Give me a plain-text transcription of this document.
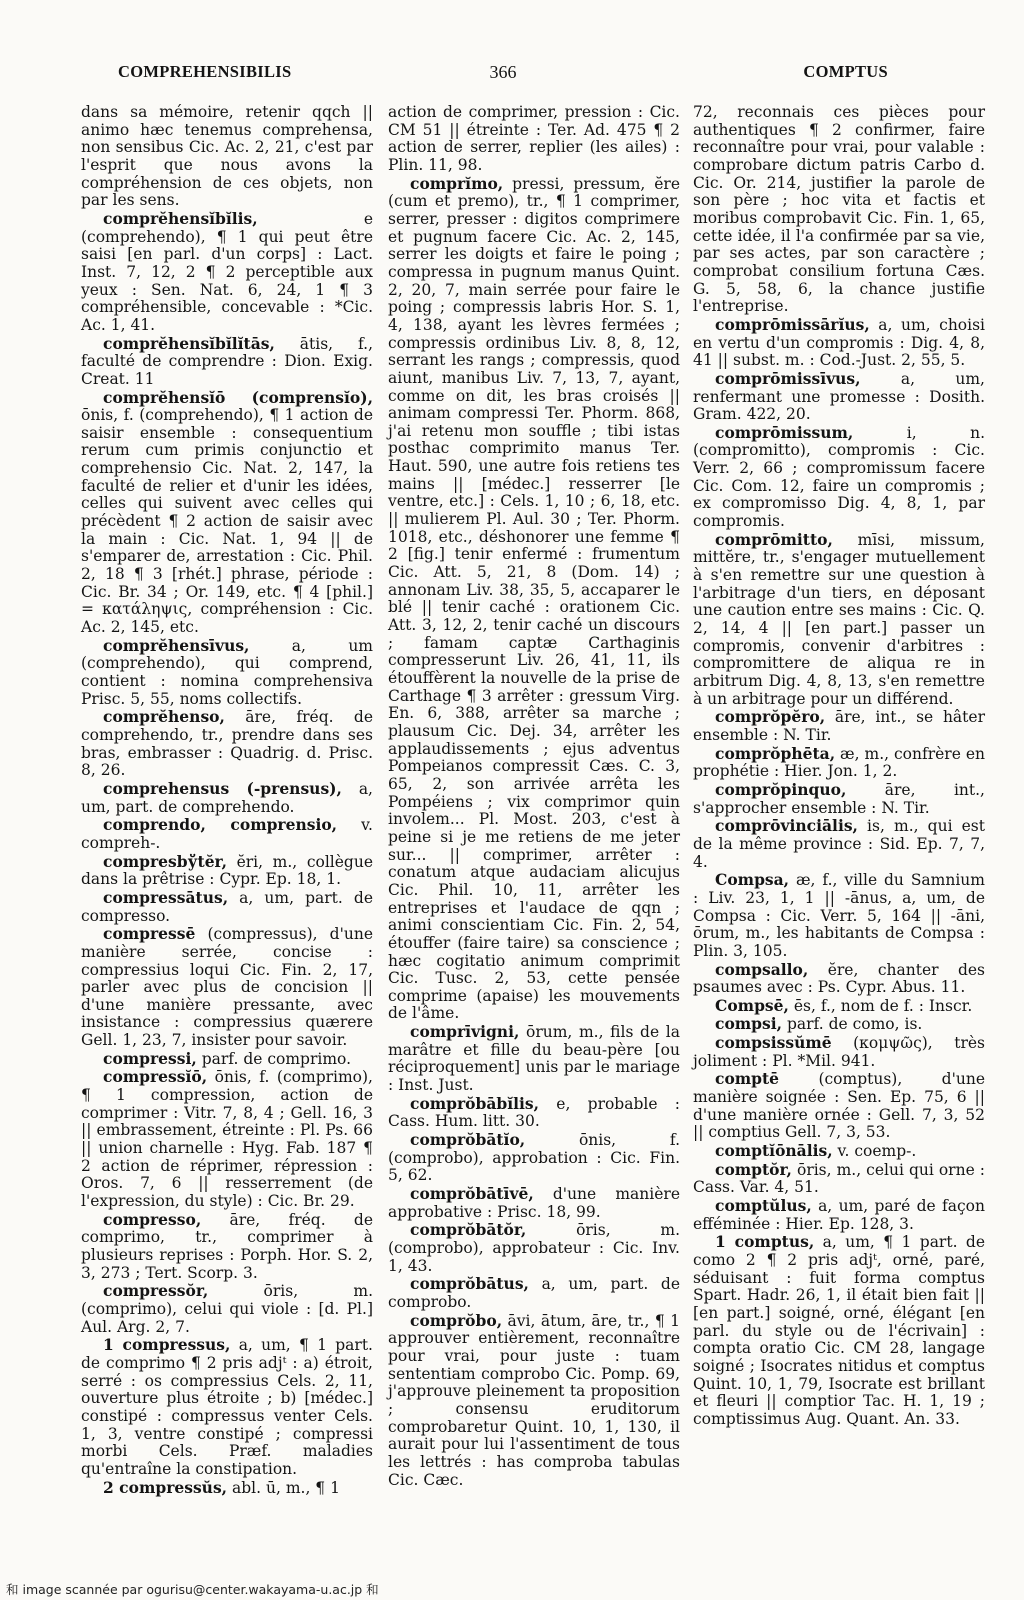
COMPREHENSIBILIS	366	COMPTUS

dans sa mémoire, retenir qqch || animo hæc tenemus comprehensa, non sensibus Cic. Ac. 2, 21, c'est par l'esprit que nous avons la compréhension de ces objets, non par les sens.

comprĕhensĭbĭlis, e (comprehendo), ¶ 1 qui peut être saisi [en parl. d'un corps] : Lact. Inst. 7, 12, 2 ¶ 2 perceptible aux yeux : Sen. Nat. 6, 24, 1 ¶ 3 compréhensible, concevable : *Cic. Ac. 1, 41.

comprĕhensĭbĭlĭtās, ātis, f., faculté de comprendre : Dion. Exig. Creat. 11

comprĕhensĭō (comprensĭo), ōnis, f. (comprehendo), ¶ 1 action de saisir ensemble : consequentium rerum cum primis conjunctio et comprehensio Cic. Nat. 2, 147, la faculté de relier et d'unir les idées, celles qui suivent avec celles qui précèdent ¶ 2 action de saisir avec la main : Cic. Nat. 1, 94 || de s'emparer de, arrestation : Cic. Phil. 2, 18 ¶ 3 [rhét.] phrase, période : Cic. Br. 34 ; Or. 149, etc. ¶ 4 [phil.] = κατάληψις, compréhension : Cic. Ac. 2, 145, etc.

comprĕhensīvus, a, um (comprehendo), qui comprend, contient : nomina comprehensiva Prisc. 5, 55, noms collectifs.

comprĕhenso, āre, fréq. de comprehendo, tr., prendre dans ses bras, embrasser : Quadrig. d. Prisc. 8, 26.

comprehensus (-prensus), a, um, part. de comprehendo.

comprendo, comprensio, v. compreh-.

compresbўtĕr, ĕri, m., collègue dans la prêtrise : Cypr. Ep. 18, 1.

compressātus, a, um, part. de compresso.

compressē (compressus), d'une manière serrée, concise : compressius loqui Cic. Fin. 2, 17, parler avec plus de concision || d'une manière pressante, avec insistance : compressius quærere Gell. 1, 23, 7, insister pour savoir.

compressi, parf. de comprimo.

compressĭō, ōnis, f. (comprimo), ¶ 1 compression, action de comprimer : Vitr. 7, 8, 4 ; Gell. 16, 3 || embrassement, étreinte : Pl. Ps. 66 || union charnelle : Hyg. Fab. 187 ¶ 2 action de réprimer, répression : Oros. 7, 6 || resserrement (de l'expression, du style) : Cic. Br. 29.

compresso, āre, fréq. de comprimo, tr., comprimer à plusieurs reprises : Porph. Hor. S. 2, 3, 273 ; Tert. Scorp. 3.

compressŏr, ōris, m. (comprimo), celui qui viole : [d. Pl.] Aul. Arg. 2, 7.

1 compressus, a, um, ¶ 1 part. de comprimo ¶ 2 pris adjᵗ : a) étroit, serré : os compressius Cels. 2, 11, ouverture plus étroite ; b) [médec.] constipé : compressus venter Cels. 1, 3, ventre constipé ; compressi morbi Cels. Præf. maladies qu'entraîne la constipation.

2 compressŭs, abl. ū, m., ¶ 1

action de comprimer, pression : Cic. CM 51 || étreinte : Ter. Ad. 475 ¶ 2 action de serrer, replier (les ailes) : Plin. 11, 98.

comprĭmo, pressi, pressum, ĕre (cum et premo), tr., ¶ 1 comprimer, serrer, presser : digitos comprimere et pugnum facere Cic. Ac. 2, 145, serrer les doigts et faire le poing ; compressa in pugnum manus Quint. 2, 20, 7, main serrée pour faire le poing ; compressis labris Hor. S. 1, 4, 138, ayant les lèvres fermées ; compressis ordinibus Liv. 8, 8, 12, serrant les rangs ; compressis, quod aiunt, manibus Liv. 7, 13, 7, ayant, comme on dit, les bras croisés || animam compressi Ter. Phorm. 868, j'ai retenu mon souffle ; tibi istas posthac comprimito manus Ter. Haut. 590, une autre fois retiens tes mains || [médec.] resserrer [le ventre, etc.] : Cels. 1, 10 ; 6, 18, etc. || mulierem Pl. Aul. 30 ; Ter. Phorm. 1018, etc., déshonorer une femme ¶ 2 [fig.] tenir enfermé : frumentum Cic. Att. 5, 21, 8 (Dom. 14) ; annonam Liv. 38, 35, 5, accaparer le blé || tenir caché : orationem Cic. Att. 3, 12, 2, tenir caché un discours ; famam captæ Carthaginis compresserunt Liv. 26, 41, 11, ils étouffèrent la nouvelle de la prise de Carthage ¶ 3 arrêter : gressum Virg. En. 6, 388, arrêter sa marche ; plausum Cic. Dej. 34, arrêter les applaudissements ; ejus adventus Pompeianos compressit Cæs. C. 3, 65, 2, son arrivée arrêta les Pompéiens ; vix comprimor quin involem... Pl. Most. 203, c'est à peine si je me retiens de me jeter sur... || comprimer, arrêter : conatum atque audaciam alicujus Cic. Phil. 10, 11, arrêter les entreprises et l'audace de qqn ; animi conscientiam Cic. Fin. 2, 54, étouffer (faire taire) sa conscience ; hæc cogitatio animum comprimit Cic. Tusc. 2, 53, cette pensée comprime (apaise) les mouvements de l'âme.

comprīvigni, ōrum, m., fils de la marâtre et fille du beau-père [ou réciproquement] unis par le mariage : Inst. Just.

comprŏbābĭlis, e, probable : Cass. Hum. litt. 30.

comprŏbātĭo, ōnis, f. (comprobo), approbation : Cic. Fin. 5, 62.

comprŏbātīvē, d'une manière approbative : Prisc. 18, 99.

comprŏbātŏr, ōris, m. (comprobo), approbateur : Cic. Inv. 1, 43.

comprŏbātus, a, um, part. de comprobo.

comprŏbo, āvi, ātum, āre, tr., ¶ 1 approuver entièrement, reconnaître pour vrai, pour juste : tuam sententiam comprobo Cic. Pomp. 69, j'approuve pleinement ta proposition ; consensu eruditorum comprobaretur Quint. 10, 1, 130, il aurait pour lui l'assentiment de tous les lettrés : has comproba tabulas Cic. Cæc.

72, reconnais ces pièces pour authentiques ¶ 2 confirmer, faire reconnaître pour vrai, pour valable : comprobare dictum patris Carbo d. Cic. Or. 214, justifier la parole de son père ; hoc vita et factis et moribus comprobavit Cic. Fin. 1, 65, cette idée, il l'a confirmée par sa vie, par ses actes, par son caractère ; comprobat consilium fortuna Cæs. G. 5, 58, 6, la chance justifie l'entreprise.

comprōmissārĭus, a, um, choisi en vertu d'un compromis : Dig. 4, 8, 41 || subst. m. : Cod.-Just. 2, 55, 5.

comprōmissīvus, a, um, renfermant une promesse : Dosith. Gram. 422, 20.

comprōmissum, i, n. (compromitto), compromis : Cic. Verr. 2, 66 ; compromissum facere Cic. Com. 12, faire un compromis ; ex compromisso Dig. 4, 8, 1, par compromis.

comprōmitto, mīsi, missum, mittĕre, tr., s'engager mutuellement à s'en remettre sur une question à l'arbitrage d'un tiers, en déposant une caution entre ses mains : Cic. Q. 2, 14, 4 || [en part.] passer un compromis, convenir d'arbitres : compromittere de aliqua re in arbitrum Dig. 4, 8, 13, s'en remettre à un arbitrage pour un différend.

comprŏpĕro, āre, int., se hâter ensemble : N. Tir.

comprŏphēta, æ, m., confrère en prophétie : Hier. Jon. 1, 2.

comprŏpinquo, āre, int., s'approcher ensemble : N. Tir.

comprōvinciālis, is, m., qui est de la même province : Sid. Ep. 7, 7, 4.

Compsa, æ, f., ville du Samnium : Liv. 23, 1, 1 || -ānus, a, um, de Compsa : Cic. Verr. 5, 164 || -āni, ōrum, m., les habitants de Compsa : Plin. 3, 105.

compsallo, ĕre, chanter des psaumes avec : Ps. Cypr. Abus. 11.

Compsē, ēs, f., nom de f. : Inscr.

compsi, parf. de como, is.

compsissŭmē (κομψῶς), très joliment : Pl. *Mil. 941.

comptē (comptus), d'une manière soignée : Sen. Ep. 75, 6 || d'une manière ornée : Gell. 7, 3, 52 || comptius Gell. 7, 3, 53.

comptĭōnālis, v. coemp-.

comptŏr, ōris, m., celui qui orne : Cass. Var. 4, 51.

comptŭlus, a, um, paré de façon efféminée : Hier. Ep. 128, 3.

1 comptus, a, um, ¶ 1 part. de como 2 ¶ 2 pris adjᵗ, orné, paré, séduisant : fuit forma comptus Spart. Hadr. 26, 1, il était bien fait || [en part.] soigné, orné, élégant [en parl. du style ou de l'écrivain] : compta oratio Cic. CM 28, langage soigné ; Isocrates nitidus et comptus Quint. 10, 1, 79, Isocrate est brillant et fleuri || comptior Tac. H. 1, 19 ; comptissimus Aug. Quant. An. 33.

和 image scannée par ogurisu@center.wakayama-u.ac.jp 和
